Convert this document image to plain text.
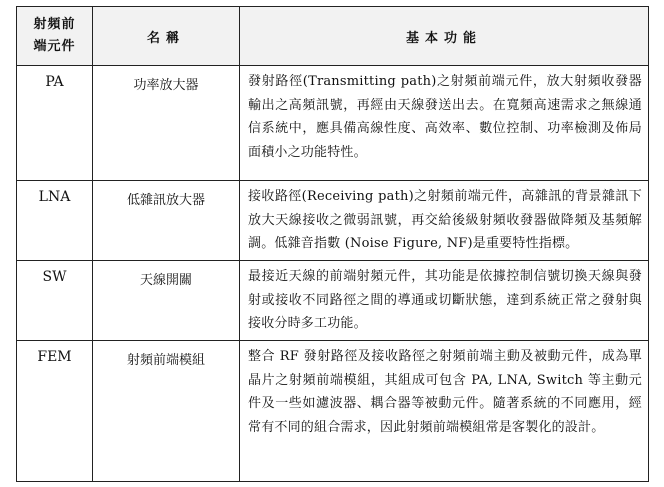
射頻前
端元件	名稱	基本功能
PA	功率放大器	發射路徑(Transmitting path)之射頻前端元件，放大射頻收發器輸出之高頻訊號，再經由天線發送出去。在寬頻高速需求之無線通信系統中，應具備高線性度、高效率、數位控制、功率檢測及佈局面積小之功能特性。
LNA	低雜訊放大器	接收路徑(Receiving path)之射頻前端元件，高雜訊的背景雜訊下放大天線接收之微弱訊號，再交給後級射頻收發器做降頻及基頻解調。低雜音指數 (Noise Figure, NF)是重要特性指標。
SW	天線開關	最接近天線的前端射頻元件，其功能是依據控制信號切換天線與發射或接收不同路徑之間的導通或切斷狀態，達到系統正常之發射與接收分時多工功能。
FEM	射頻前端模組	整合 RF 發射路徑及接收路徑之射頻前端主動及被動元件，成為單晶片之射頻前端模組，其組成可包含 PA, LNA, Switch 等主動元件及一些如濾波器、耦合器等被動元件。隨著系統的不同應用，經常有不同的組合需求，因此射頻前端模組常是客製化的設計。
